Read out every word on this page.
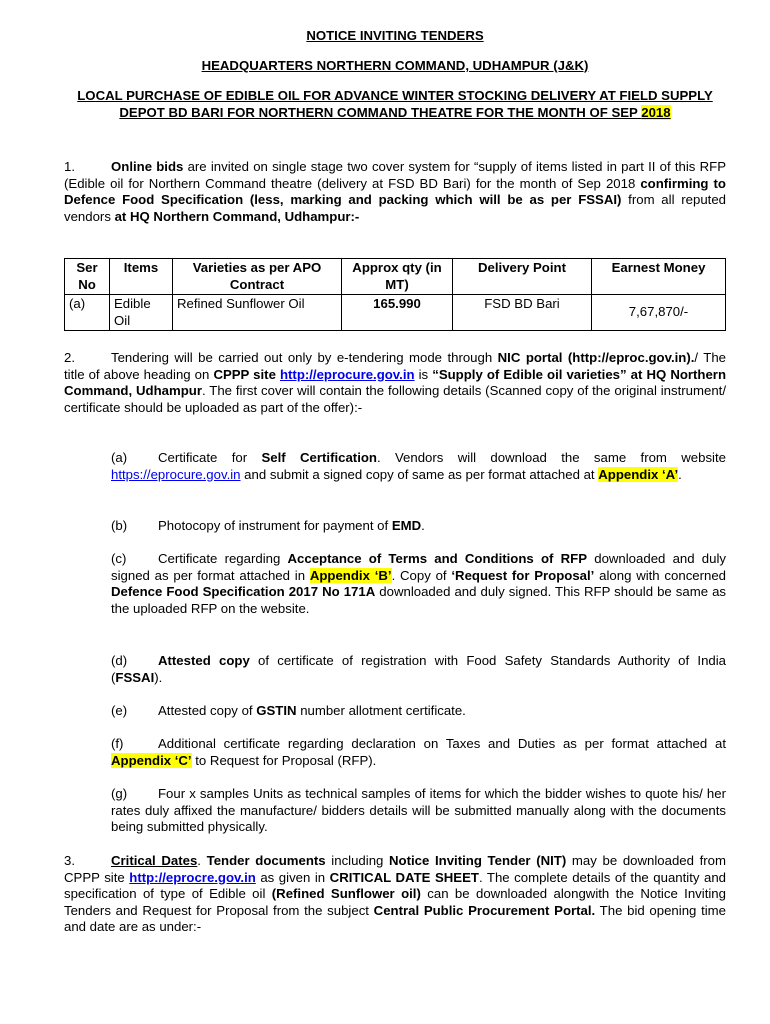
NOTICE INVITING TENDERS
HEADQUARTERS NORTHERN COMMAND, UDHAMPUR (J&K)
LOCAL PURCHASE OF EDIBLE OIL FOR ADVANCE WINTER STOCKING DELIVERY AT FIELD SUPPLY DEPOT BD BARI FOR NORTHERN COMMAND THEATRE FOR THE MONTH OF SEP 2018
1.	Online bids are invited on single stage two cover system for “supply of items listed in part II of this RFP (Edible oil for Northern Command theatre (delivery at FSD BD Bari) for the month of Sep 2018 confirming to Defence Food Specification (less, marking and packing which will be as per FSSAI) from all reputed vendors at HQ Northern Command, Udhampur:-
Ser No	Items	Varieties as per APO Contract	Approx qty (in MT)	Delivery Point	Earnest Money
(a)	Edible Oil	Refined Sunflower Oil	165.990	FSD BD Bari	7,67,870/-
2.	Tendering will be carried out only by e-tendering mode through NIC portal (http://eproc.gov.in)./ The title of above heading on CPPP site http://eprocure.gov.in is “Supply of Edible oil varieties” at HQ Northern Command, Udhampur. The first cover will contain the following details (Scanned copy of the original instrument/ certificate should be uploaded as part of the offer):-
(a) Certificate for Self Certification. Vendors will download the same from website https://eprocure.gov.in and submit a signed copy of same as per format attached at Appendix ‘A’.
(b) Photocopy of instrument for payment of EMD.
(c) Certificate regarding Acceptance of Terms and Conditions of RFP downloaded and duly signed as per format attached in Appendix ‘B’. Copy of ‘Request for Proposal’ along with concerned Defence Food Specification 2017 No 171A downloaded and duly signed. This RFP should be same as the uploaded RFP on the website.
(d) Attested copy of certificate of registration with Food Safety Standards Authority of India (FSSAI).
(e) Attested copy of GSTIN number allotment certificate.
(f)	Additional certificate regarding declaration on Taxes and Duties as per format attached at Appendix ‘C’ to Request for Proposal (RFP).
(g) Four x samples Units as technical samples of items for which the bidder wishes to quote his/ her rates duly affixed the manufacture/ bidders details will be submitted manually along with the documents being submitted physically.
3.	Critical Dates. Tender documents including Notice Inviting Tender (NIT) may be downloaded from CPPP site http://eprocre.gov.in as given in CRITICAL DATE SHEET. The complete details of the quantity and specification of type of Edible oil (Refined Sunflower oil) can be downloaded alongwith the Notice Inviting Tenders and Request for Proposal from the subject Central Public Procurement Portal. The bid opening time and date are as under:-
